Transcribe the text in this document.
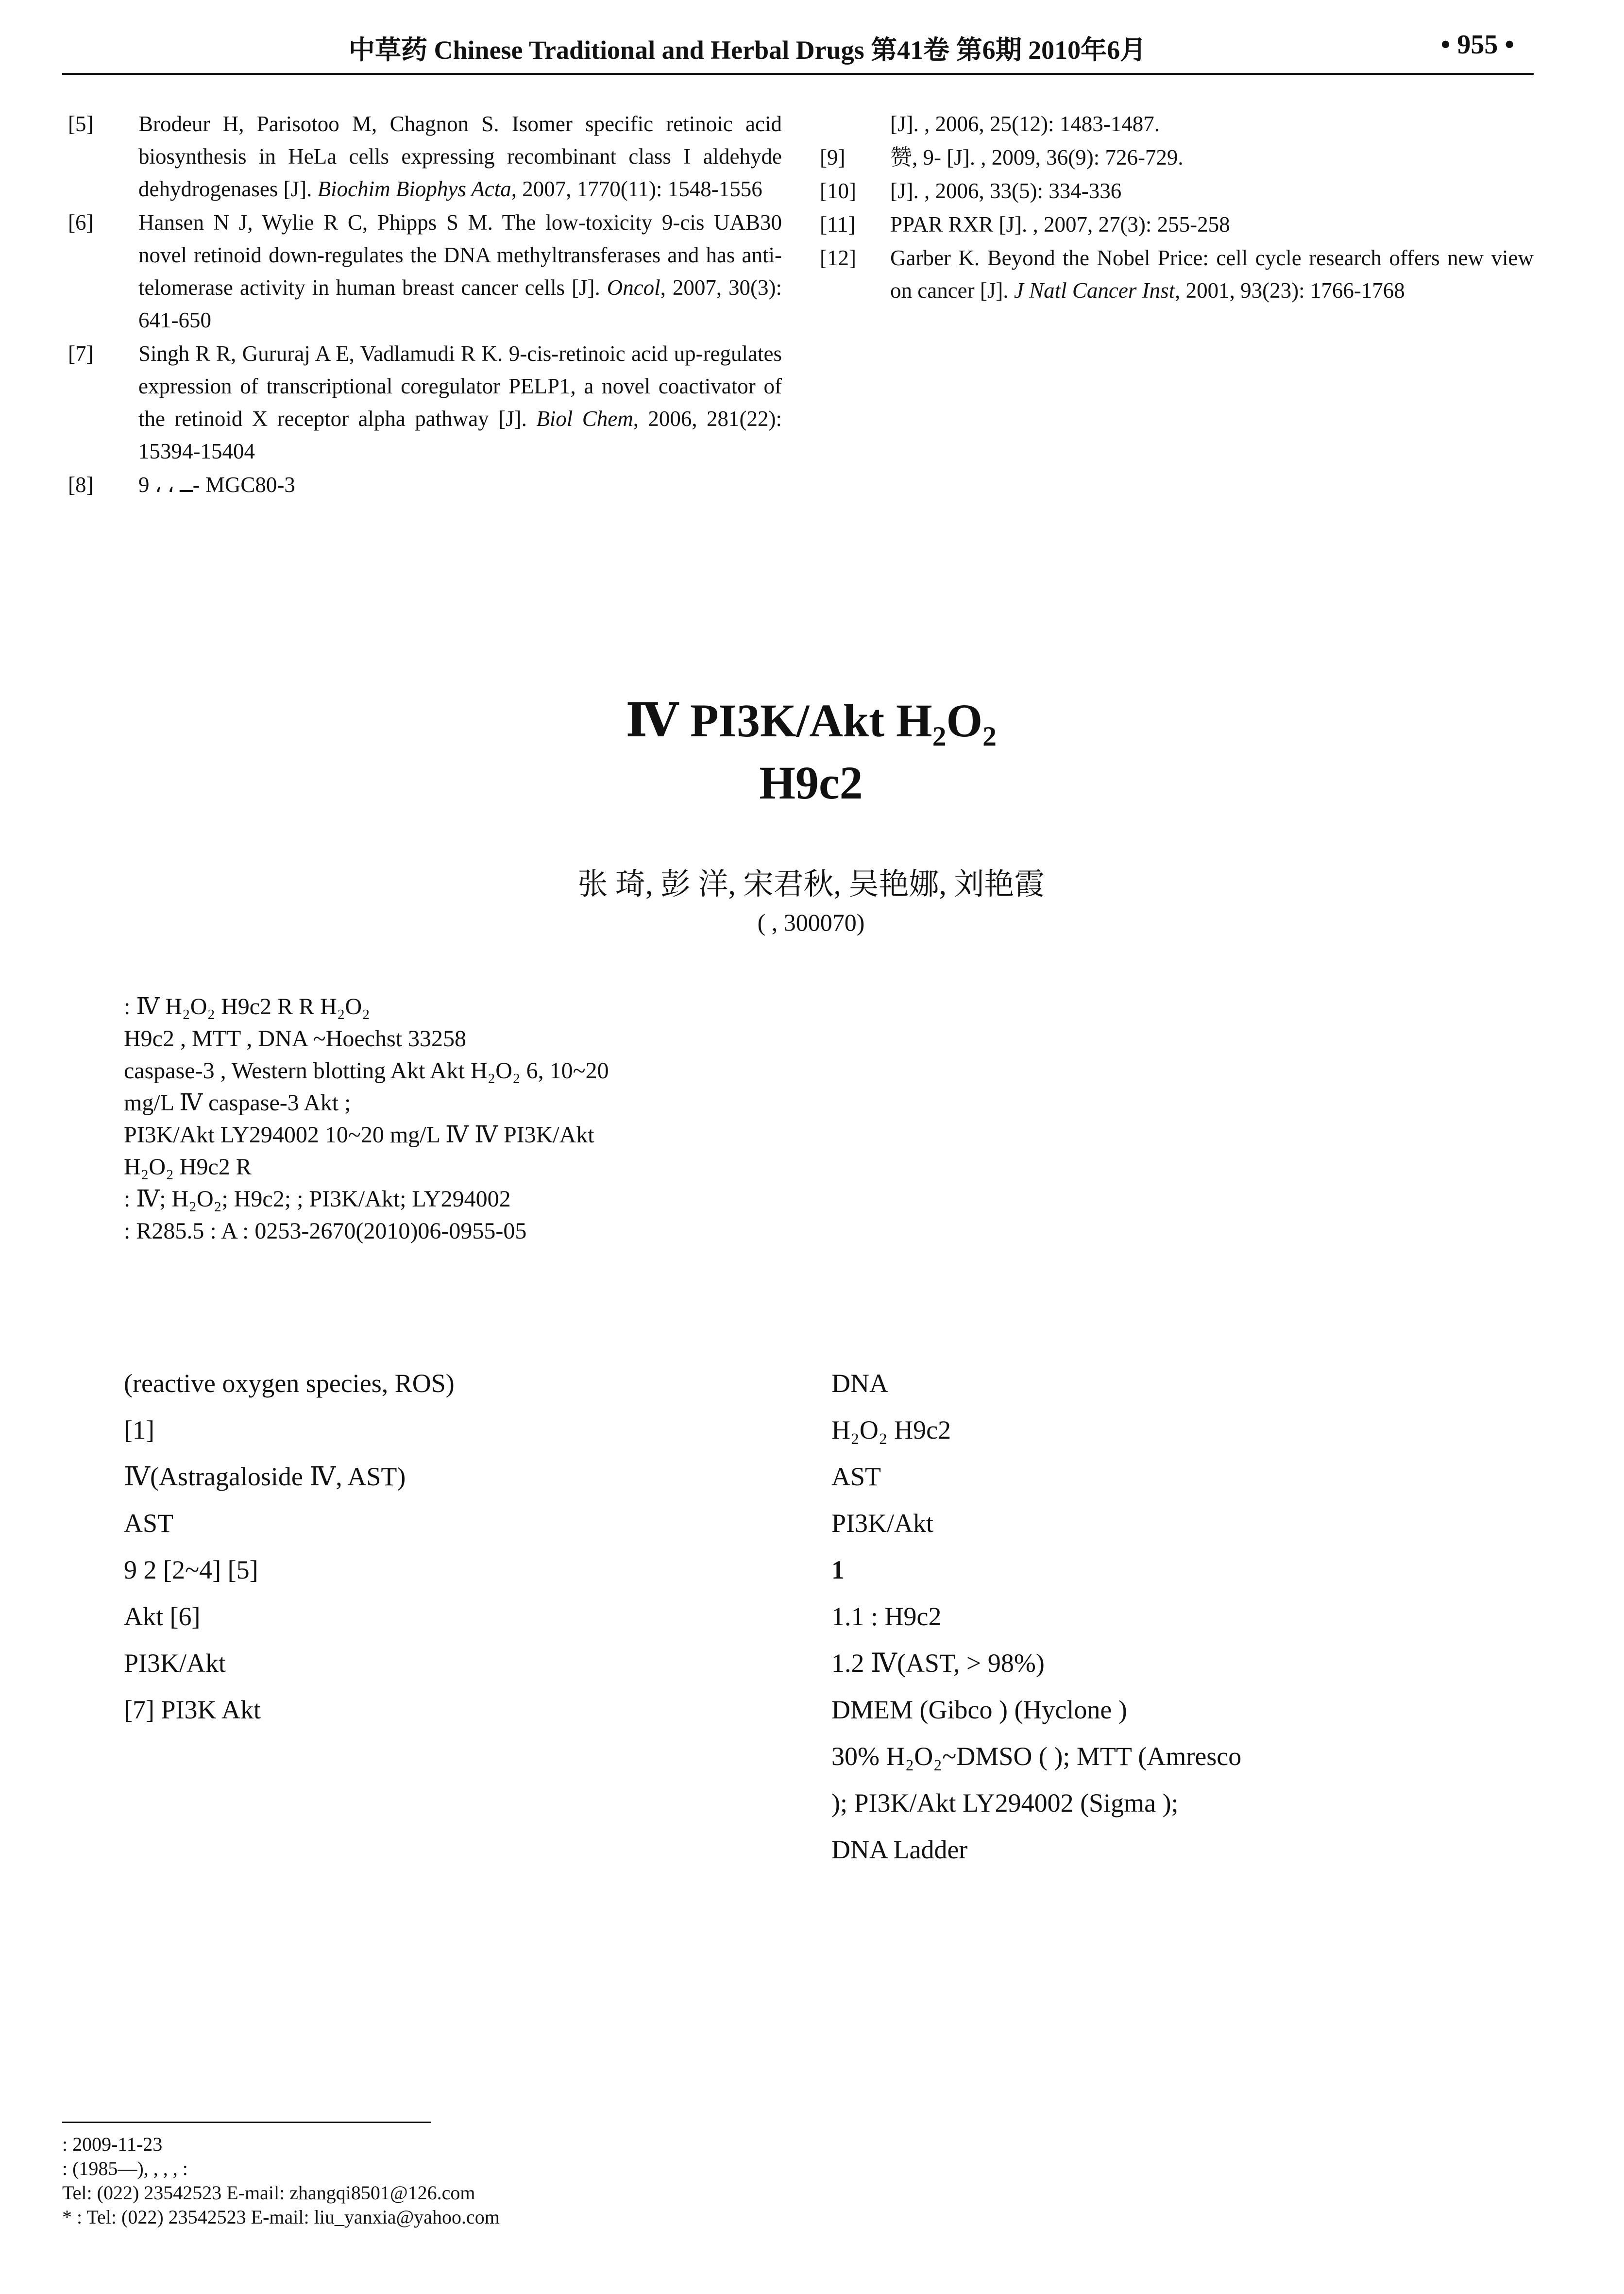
中草药 Chinese Traditional and Herbal Drugs 第41卷 第6期 2010年6月	• 955 •
[5] Brodeur H, Parisotoo M, Chagnon S. Isomer specific retinoic acid biosynthesis in HeLa cells expressing recombinant class I aldehyde dehydrogenases [J]. Biochim Biophys Acta, 2007, 1770(11): 1548-1556
[6] Hansen N J, Wylie R C, Phipps S M. The low-toxicity 9-cis UAB30 novel retinoid down-regulates the DNA methyltransferases and has anti-telomerase activity in human breast cancer cells [J]. Oncol, 2007, 30(3): 641-650
[7] Singh R R, Gururaj A E, Vadlamudi R K. 9-cis-retinoic acid up-regulates expression of transcriptional coregulator PELP1, a novel coactivator of the retinoid X receptor alpha pathway [J]. Biol Chem, 2006, 281(22): 15394-15404
[8] ــ ، ، 9- MGC80-3
[J]. , 2006, 25(12): 1483-1487.
[9] 赞, 9- [J]. , 2009, 36(9): 726-729.
[10] [J]. , 2006, 33(5): 334-336
[11] PPAR RXR [J]. , 2007, 27(3): 255-258
[12] Garber K. Beyond the Nobel Price: cell cycle research offers new view on cancer [J]. J Natl Cancer Inst, 2001, 93(23): 1766-1768
Ⅳ PI3K/Akt H₂O₂
H9c2
张 琦, 彭 洋, 宋君秋, 吴艳娜, 刘艳霞
( , 300070)

: Ⅳ H₂O₂ H9c2 R R H₂O₂

H9c2 , MTT , DNA ~Hoechst 33258

caspase-3 , Western blotting Akt Akt H₂O₂ 6, 10~20

mg/L Ⅳ caspase-3 Akt ;

PI3K/Akt LY294002 10~20 mg/L Ⅳ Ⅳ PI3K/Akt

H₂O₂ H9c2 R

: Ⅳ; H₂O₂; H9c2; ; PI3K/Akt; LY294002

: R285.5 : A : 0253-2670(2010)06-0955-05

(reactive oxygen species, ROS)

[1]

Ⅳ(Astragaloside Ⅳ, AST)

AST

9 2 [2~4] [5]

Akt [6]

PI3K/Akt

[7] PI3K Akt

DNA

H₂O₂ H9c2

AST

PI3K/Akt

1

1.1 : H9c2

1.2 Ⅳ(AST, > 98%)

DMEM (Gibco ) (Hyclone )

30% H₂O₂~DMSO ( ); MTT (Amresco

); PI3K/Akt LY294002 (Sigma );

DNA Ladder

: 2009-11-23

: (1985—), , , , :

Tel: (022) 23542523 E-mail: zhangqi8501@126.com

* : Tel: (022) 23542523 E-mail: liu_yanxia@yahoo.com
